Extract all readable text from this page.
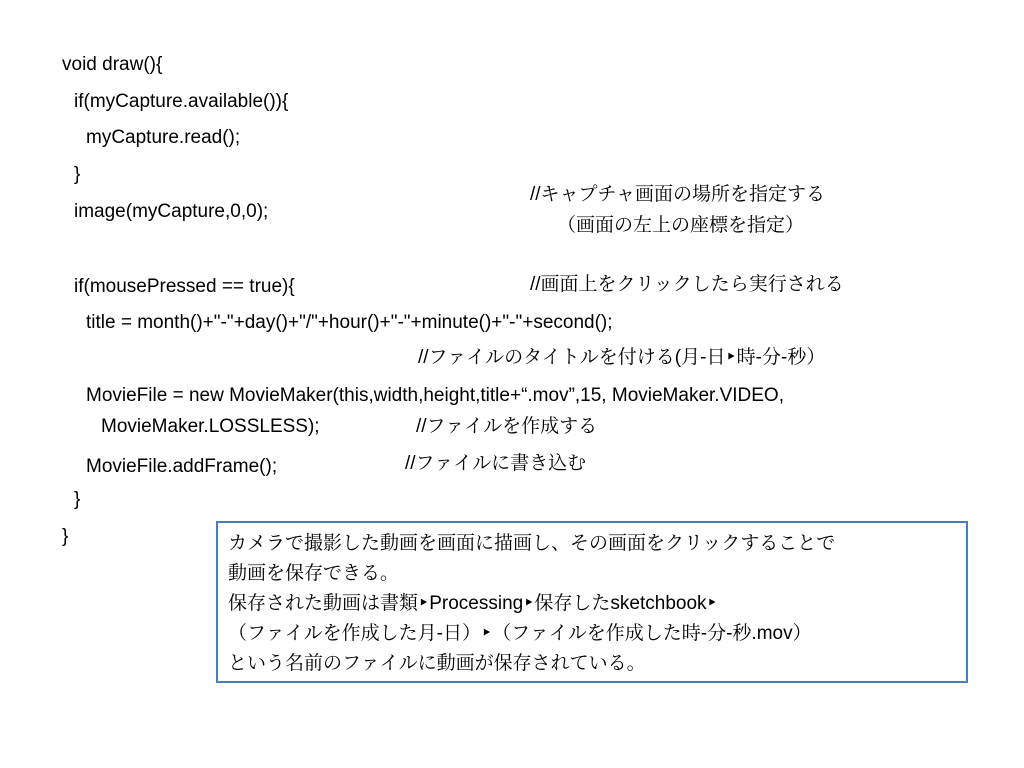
void draw(){
if(myCapture.available()){
myCapture.read();
}
image(myCapture,0,0);
if(mousePressed == true){
title = month()+"-"+day()+"/"+hour()+"-"+minute()+"-"+second();
MovieFile = new MovieMaker(this,width,height,title+“.mov”,15, MovieMaker.VIDEO,
MovieMaker.LOSSLESS);
MovieFile.addFrame();
}
}
//キャプチャ画面の場所を指定する
（画面の左上の座標を指定）
//画面上をクリックしたら実行される
//ファイルのタイトルを付ける(月-日‣時-分-秒）
//ファイルを作成する
//ファイルに書き込む
カメラで撮影した動画を画面に描画し、その画面をクリックすることで
動画を保存できる。
保存された動画は書類‣Processing‣保存したsketchbook‣
（ファイルを作成した月-日）‣（ファイルを作成した時-分-秒.mov）
という名前のファイルに動画が保存されている。
